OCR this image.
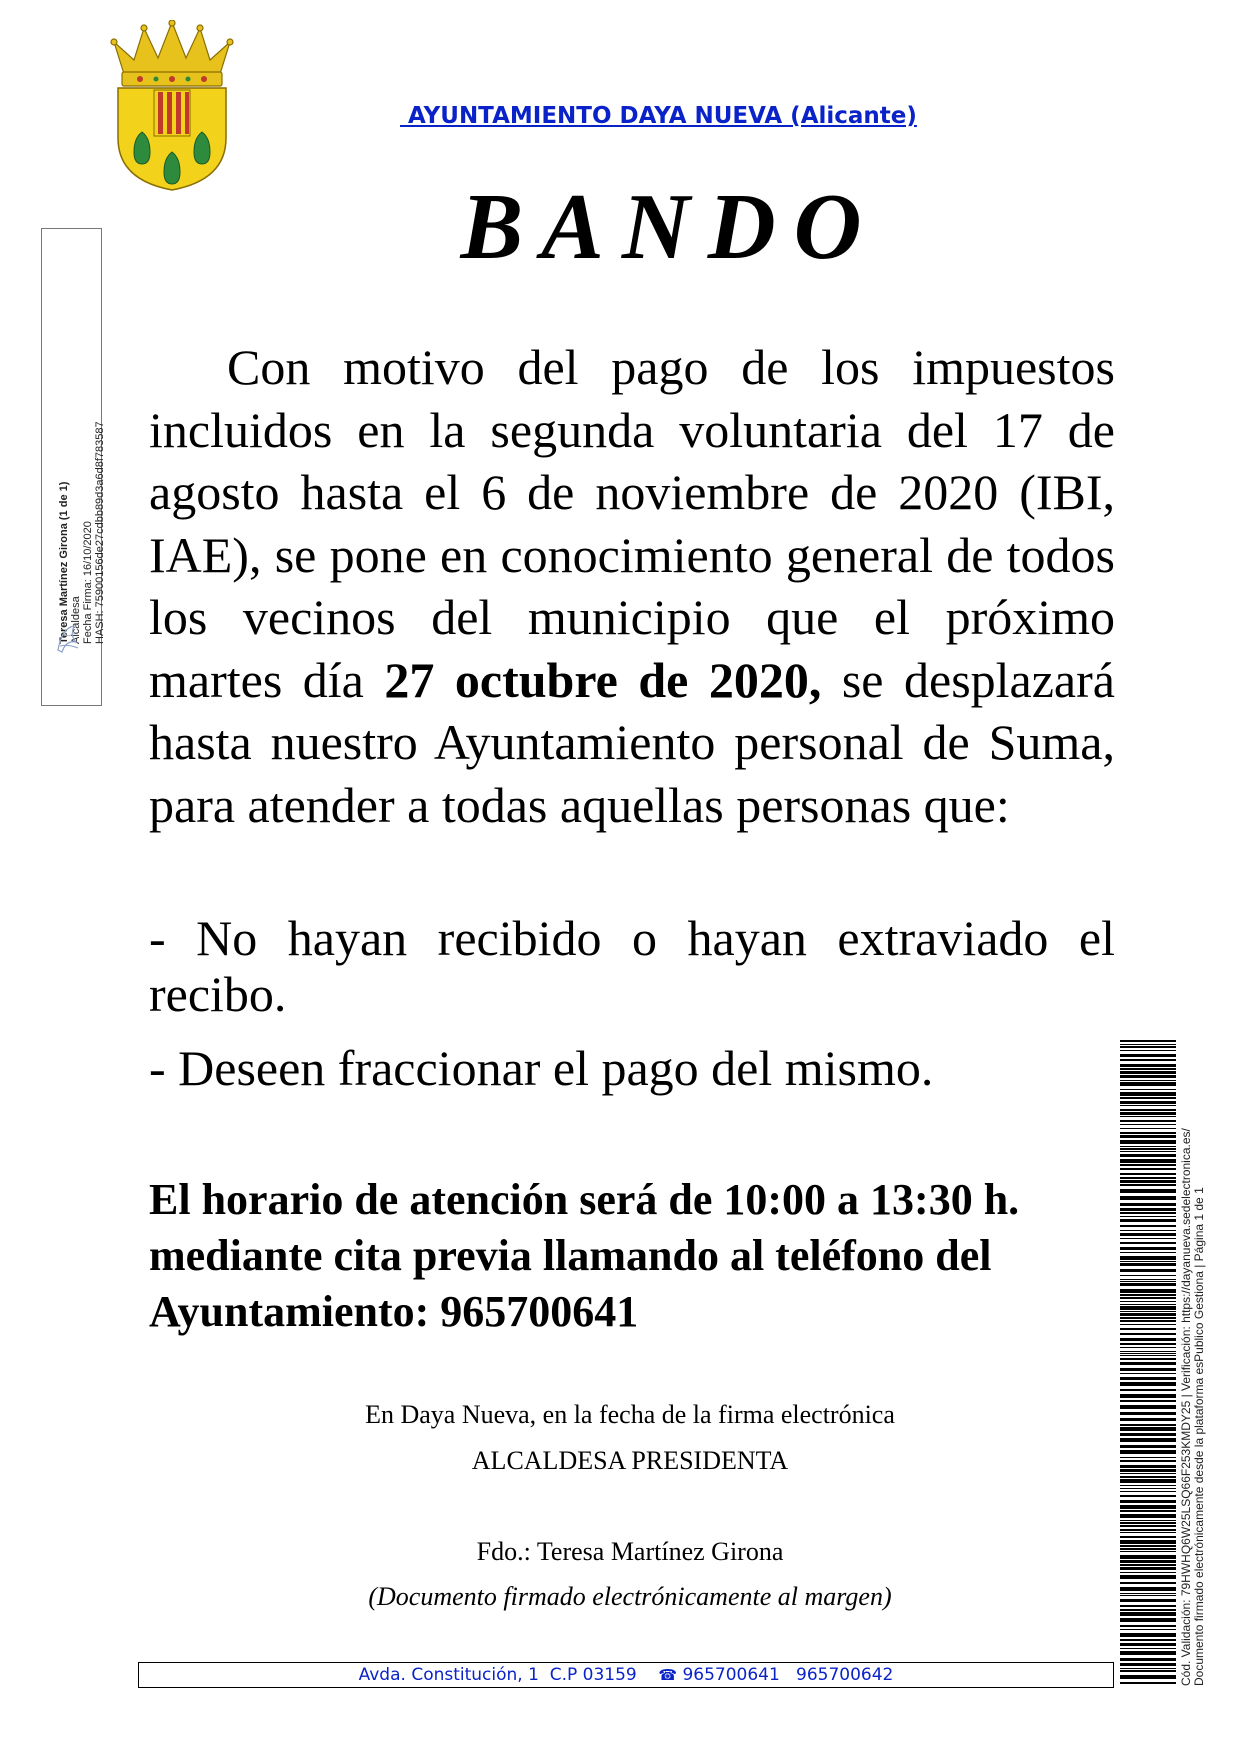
AYUNTAMIENTO DAYA NUEVA (Alicante)
BANDO

Con motivo del pago de los impuestos incluidos en la segunda voluntaria del 17 de agosto hasta el 6 de noviembre de 2020 (IBI, IAE), se pone en conocimiento general de todos los vecinos del municipio que el próximo martes día 27 octubre de 2020, se desplazará hasta nuestro Ayuntamiento personal de Suma, para atender a todas aquellas personas que:

- No hayan recibido o hayan extraviado el recibo.
- Deseen fraccionar el pago del mismo.
El horario de atención será de 10:00 a 13:30 h.
mediante cita previa llamando al teléfono del
Ayuntamiento: 965700641
En Daya Nueva, en la fecha de la firma electrónica
ALCALDESA PRESIDENTA
Fdo.: Teresa Martínez Girona
(Documento firmado electrónicamente al margen)
Avda. Constitución, 1  C.P 03159 ☎ 965700641 965700642
Teresa Martínez Girona (1 de 1) Alcaldesa Fecha Firma: 16/10/2020 HASH: 75900156de27cdbb89d3a6d8f783587
Cód. Validación: 79HWHQ6W25LSQ66F253KMDY25 | Verificación: https://dayanueva.sedelectronica.es/ Documento firmado electrónicamente desde la plataforma esPublico Gestiona | Página 1 de 1
